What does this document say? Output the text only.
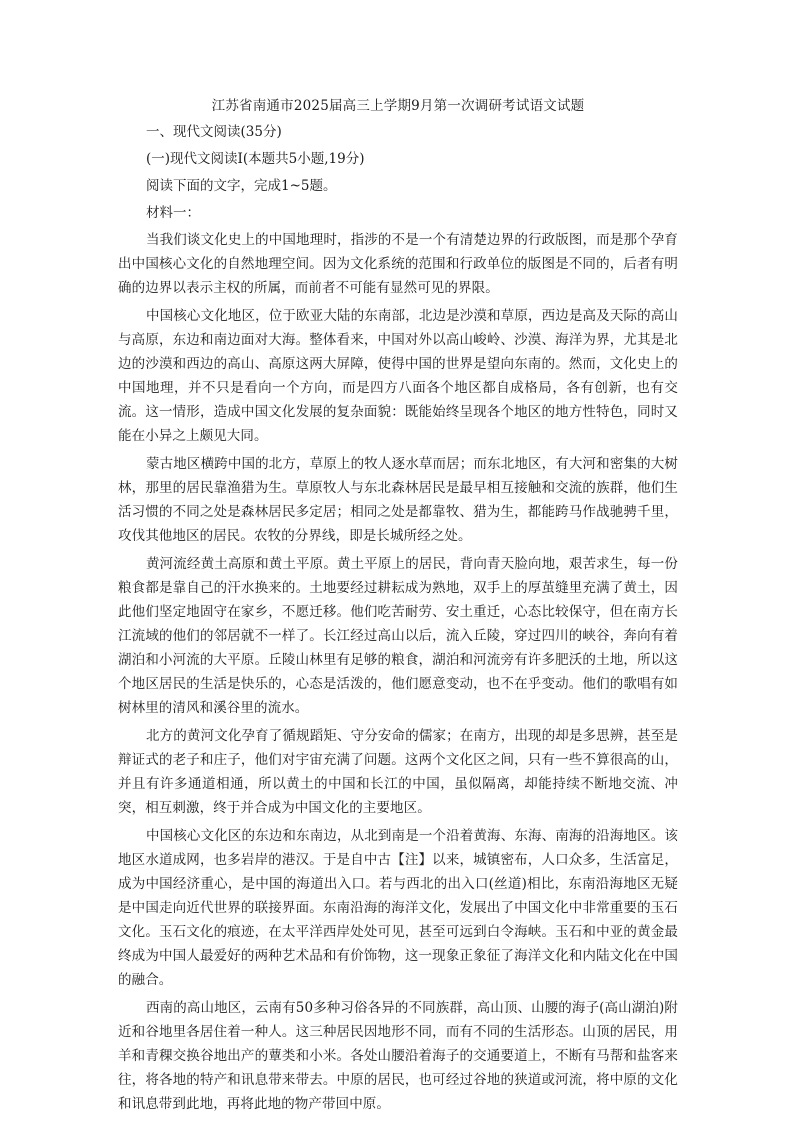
江苏省南通市2025届高三上学期9月第一次调研考试语文试题
一、现代文阅读(35分)
(一)现代文阅读Ⅰ(本题共5小题,19分)
阅读下面的文字，完成1~5题。
材料一：

当我们谈文化史上的中国地理时，指涉的不是一个有清楚边界的行政版图，而是那个孕育出中国核心文化的自然地理空间。因为文化系统的范围和行政单位的版图是不同的，后者有明确的边界以表示主权的所属，而前者不可能有显然可见的界限。

中国核心文化地区，位于欧亚大陆的东南部，北边是沙漠和草原，西边是高及天际的高山与高原，东边和南边面对大海。整体看来，中国对外以高山峻岭、沙漠、海洋为界，尤其是北边的沙漠和西边的高山、高原这两大屏障，使得中国的世界是望向东南的。然而，文化史上的中国地理，并不只是看向一个方向，而是四方八面各个地区都自成格局，各有创新，也有交流。这一情形，造成中国文化发展的复杂面貌：既能始终呈现各个地区的地方性特色，同时又能在小异之上颇见大同。

蒙古地区横跨中国的北方，草原上的牧人逐水草而居；而东北地区，有大河和密集的大树林，那里的居民靠渔猎为生。草原牧人与东北森林居民是最早相互接触和交流的族群，他们生活习惯的不同之处是森林居民多定居；相同之处是都靠牧、猎为生，都能跨马作战驰骋千里，攻伐其他地区的居民。农牧的分界线，即是长城所经之处。

黄河流经黄土高原和黄土平原。黄土平原上的居民，背向青天脸向地，艰苦求生，每一份粮食都是靠自己的汗水换来的。土地要经过耕耘成为熟地，双手上的厚茧缝里充满了黄土，因此他们坚定地固守在家乡，不愿迁移。他们吃苦耐劳、安土重迁，心态比较保守，但在南方长江流域的他们的邻居就不一样了。长江经过高山以后，流入丘陵，穿过四川的峡谷，奔向有着湖泊和小河流的大平原。丘陵山林里有足够的粮食，湖泊和河流旁有许多肥沃的土地，所以这个地区居民的生活是快乐的，心态是活泼的，他们愿意变动，也不在乎变动。他们的歌唱有如树林里的清风和溪谷里的流水。

北方的黄河文化孕育了循规蹈矩、守分安命的儒家；在南方，出现的却是多思辨，甚至是辩证式的老子和庄子，他们对宇宙充满了问题。这两个文化区之间，只有一些不算很高的山，并且有许多通道相通，所以黄土的中国和长江的中国，虽似隔离，却能持续不断地交流、冲突，相互刺激，终于并合成为中国文化的主要地区。

中国核心文化区的东边和东南边，从北到南是一个沿着黄海、东海、南海的沿海地区。该地区水道成网，也多岩岸的港汉。于是自中古【注】以来，城镇密布，人口众多，生活富足，成为中国经济重心，是中国的海道出入口。若与西北的出入口(丝道)相比，东南沿海地区无疑是中国走向近代世界的联接界面。东南沿海的海洋文化，发展出了中国文化中非常重要的玉石文化。玉石文化的痕迹，在太平洋西岸处处可见，甚至可远到白令海峡。玉石和中亚的黄金最终成为中国人最爱好的两种艺术品和有价饰物，这一现象正象征了海洋文化和内陆文化在中国的融合。

西南的高山地区，云南有50多种习俗各异的不同族群，高山顶、山腰的海子(高山湖泊)附近和谷地里各居住着一种人。这三种居民因地形不同，而有不同的生活形态。山顶的居民，用羊和青稞交换谷地出产的蕈类和小米。各处山腰沿着海子的交通要道上，不断有马帮和盐客来往，将各地的特产和讯息带来带去。中原的居民，也可经过谷地的狭道或河流，将中原的文化和讯息带到此地，再将此地的物产带回中原。
